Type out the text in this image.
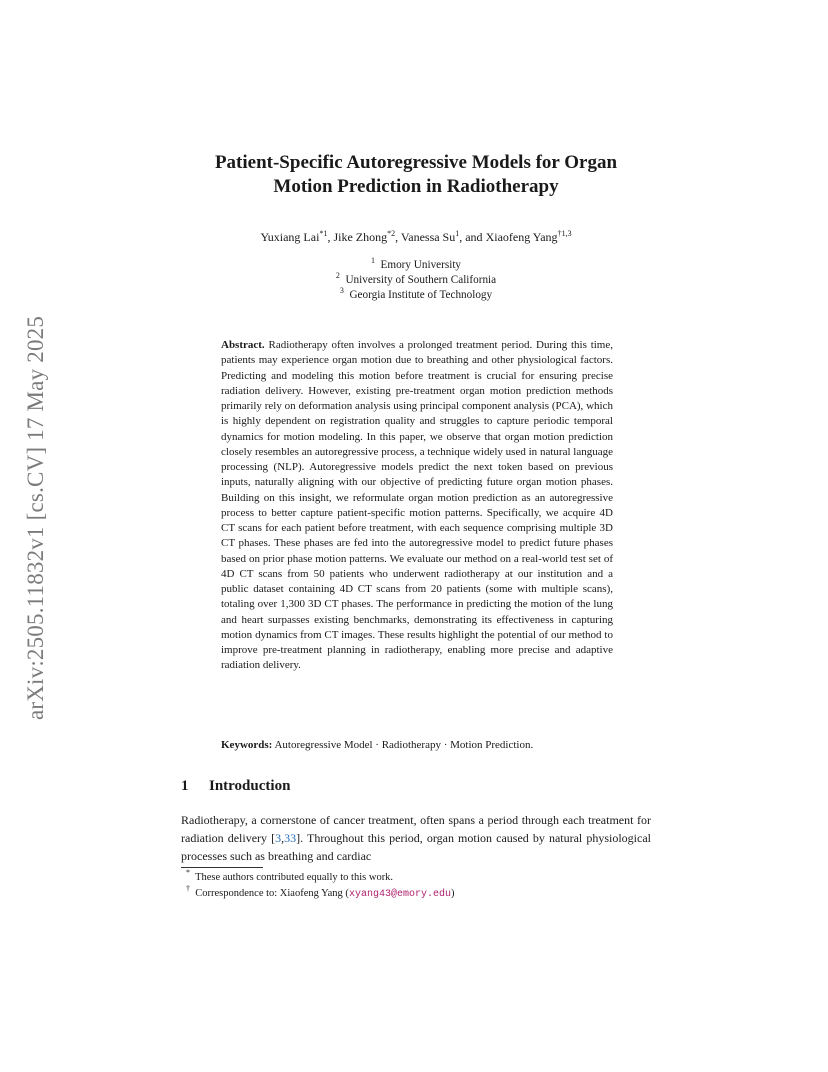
arXiv:2505.11832v1 [cs.CV] 17 May 2025
Patient-Specific Autoregressive Models for Organ
Motion Prediction in Radiotherapy
Yuxiang Lai$^{*1}$, Jike Zhong$^{*2}$, Vanessa Su$^1$, and Xiaofeng Yang$^{\dagger 1,3}$
$^1$ Emory University
$^2$ University of Southern California
$^3$ Georgia Institute of Technology
Abstract. Radiotherapy often involves a prolonged treatment period. During this time, patients may experience organ motion due to breathing and other physiological factors. Predicting and modeling this motion before treatment is crucial for ensuring precise radiation delivery. However, existing pre-treatment organ motion prediction methods primarily rely on deformation analysis using principal component analysis (PCA), which is highly dependent on registration quality and struggles to capture periodic temporal dynamics for motion modeling. In this paper, we observe that organ motion prediction closely resembles an autoregressive process, a technique widely used in natural language processing (NLP). Autoregressive models predict the next token based on previous inputs, naturally aligning with our objective of predicting future organ motion phases. Building on this insight, we reformulate organ motion prediction as an autoregressive process to better capture patient-specific motion patterns. Specifically, we acquire 4D CT scans for each patient before treatment, with each sequence comprising multiple 3D CT phases. These phases are fed into the autoregressive model to predict future phases based on prior phase motion patterns. We evaluate our method on a real-world test set of 4D CT scans from 50 patients who underwent radiotherapy at our institution and a public dataset containing 4D CT scans from 20 patients (some with multiple scans), totaling over 1,300 3D CT phases. The performance in predicting the motion of the lung and heart surpasses existing benchmarks, demonstrating its effectiveness in capturing motion dynamics from CT images. These results highlight the potential of our method to improve pre-treatment planning in radiotherapy, enabling more precise and adaptive radiation delivery.
Keywords: Autoregressive Model · Radiotherapy · Motion Prediction.
1 Introduction
Radiotherapy, a cornerstone of cancer treatment, often spans a period through each treatment for radiation delivery [3,33]. Throughout this period, organ motion caused by natural physiological processes such as breathing and cardiac
* These authors contributed equally to this work.
† Correspondence to: Xiaofeng Yang (xyang43@emory.edu)
